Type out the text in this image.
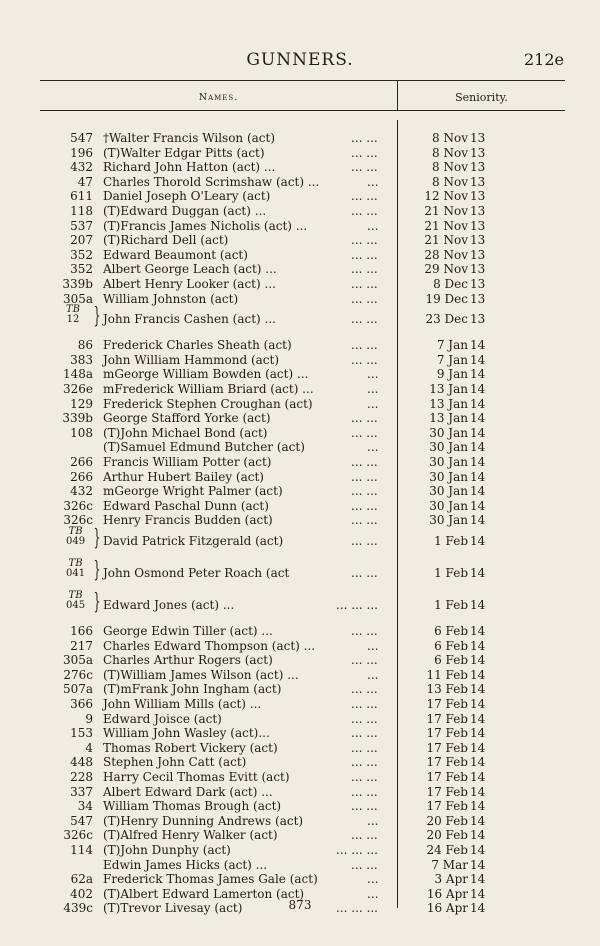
GUNNERS.	212e
Names.	Seniority.
547 †Walter Francis Wilson (act)	... ...	8 Nov 13
196 (T)Walter Edgar Pitts (act)	... ...	8 Nov 13
432 Richard John Hatton (act) ...	... ...	8 Nov 13
47 Charles Thorold Scrimshaw (act) ...	...	8 Nov 13
611 Daniel Joseph O'Leary (act)	... ...	12 Nov 13
118 (T)Edward Duggan (act) ...	... ...	21 Nov 13
537 (T)Francis James Nicholis (act) ...	...	21 Nov 13
207 (T)Richard Dell (act)	... ...	21 Nov 13
352 Edward Beaumont (act)	... ...	28 Nov 13
352 Albert George Leach (act) ...	... ...	29 Nov 13
339b Albert Henry Looker (act) ...	... ...	8 Dec 13
305a William Johnston (act)	... ...	19 Dec 13
TB
12 } John Francis Cashen (act) ...	... ...	23 Dec 13
86 Frederick Charles Sheath (act)	... ...	7 Jan 14
383 John William Hammond (act)	... ...	7 Jan 14
148a mGeorge William Bowden (act) ...	...	9 Jan 14
326e mFrederick William Briard (act) ...	...	13 Jan 14
129 Frederick Stephen Croughan (act)	...	13 Jan 14
339b George Stafford Yorke (act)	... ...	13 Jan 14
108 (T)John Michael Bond (act)	... ...	30 Jan 14
(T)Samuel Edmund Butcher (act)	...	30 Jan 14
266 Francis William Potter (act)	... ...	30 Jan 14
266 Arthur Hubert Bailey (act)	... ...	30 Jan 14
432 mGeorge Wright Palmer (act)	... ...	30 Jan 14
326c Edward Paschal Dunn (act)	... ...	30 Jan 14
326c Henry Francis Budden (act)	... ...	30 Jan 14
TB
049 } David Patrick Fitzgerald (act)	... ...	1 Feb 14
TB
041 } John Osmond Peter Roach (act	... ...	1 Feb 14
TB
045 } Edward Jones (act) ...	... ... ...	1 Feb 14
166 George Edwin Tiller (act) ...	... ...	6 Feb 14
217 Charles Edward Thompson (act) ...	...	6 Feb 14
305a Charles Arthur Rogers (act)	... ...	6 Feb 14
276c (T)William James Wilson (act) ...	...	11 Feb 14
507a (T)mFrank John Ingham (act)	... ...	13 Feb 14
366 John William Mills (act) ...	... ...	17 Feb 14
9 Edward Joisce (act)	... ...	17 Feb 14
153 William John Wasley (act)...	... ...	17 Feb 14
4 Thomas Robert Vickery (act)	... ...	17 Feb 14
448 Stephen John Catt (act)	... ...	17 Feb 14
228 Harry Cecil Thomas Evitt (act)	... ...	17 Feb 14
337 Albert Edward Dark (act) ...	... ...	17 Feb 14
34 William Thomas Brough (act)	... ...	17 Feb 14
547 (T)Henry Dunning Andrews (act)	...	20 Feb 14
326c (T)Alfred Henry Walker (act)	... ...	20 Feb 14
114 (T)John Dunphy (act)	... ... ...	24 Feb 14
Edwin James Hicks (act) ...	... ...	7 Mar 14
62a Frederick Thomas James Gale (act)	...	3 Apr 14
402 (T)Albert Edward Lamerton (act)	...	16 Apr 14
439c (T)Trevor Livesay (act)	... ... ...	16 Apr 14
873
